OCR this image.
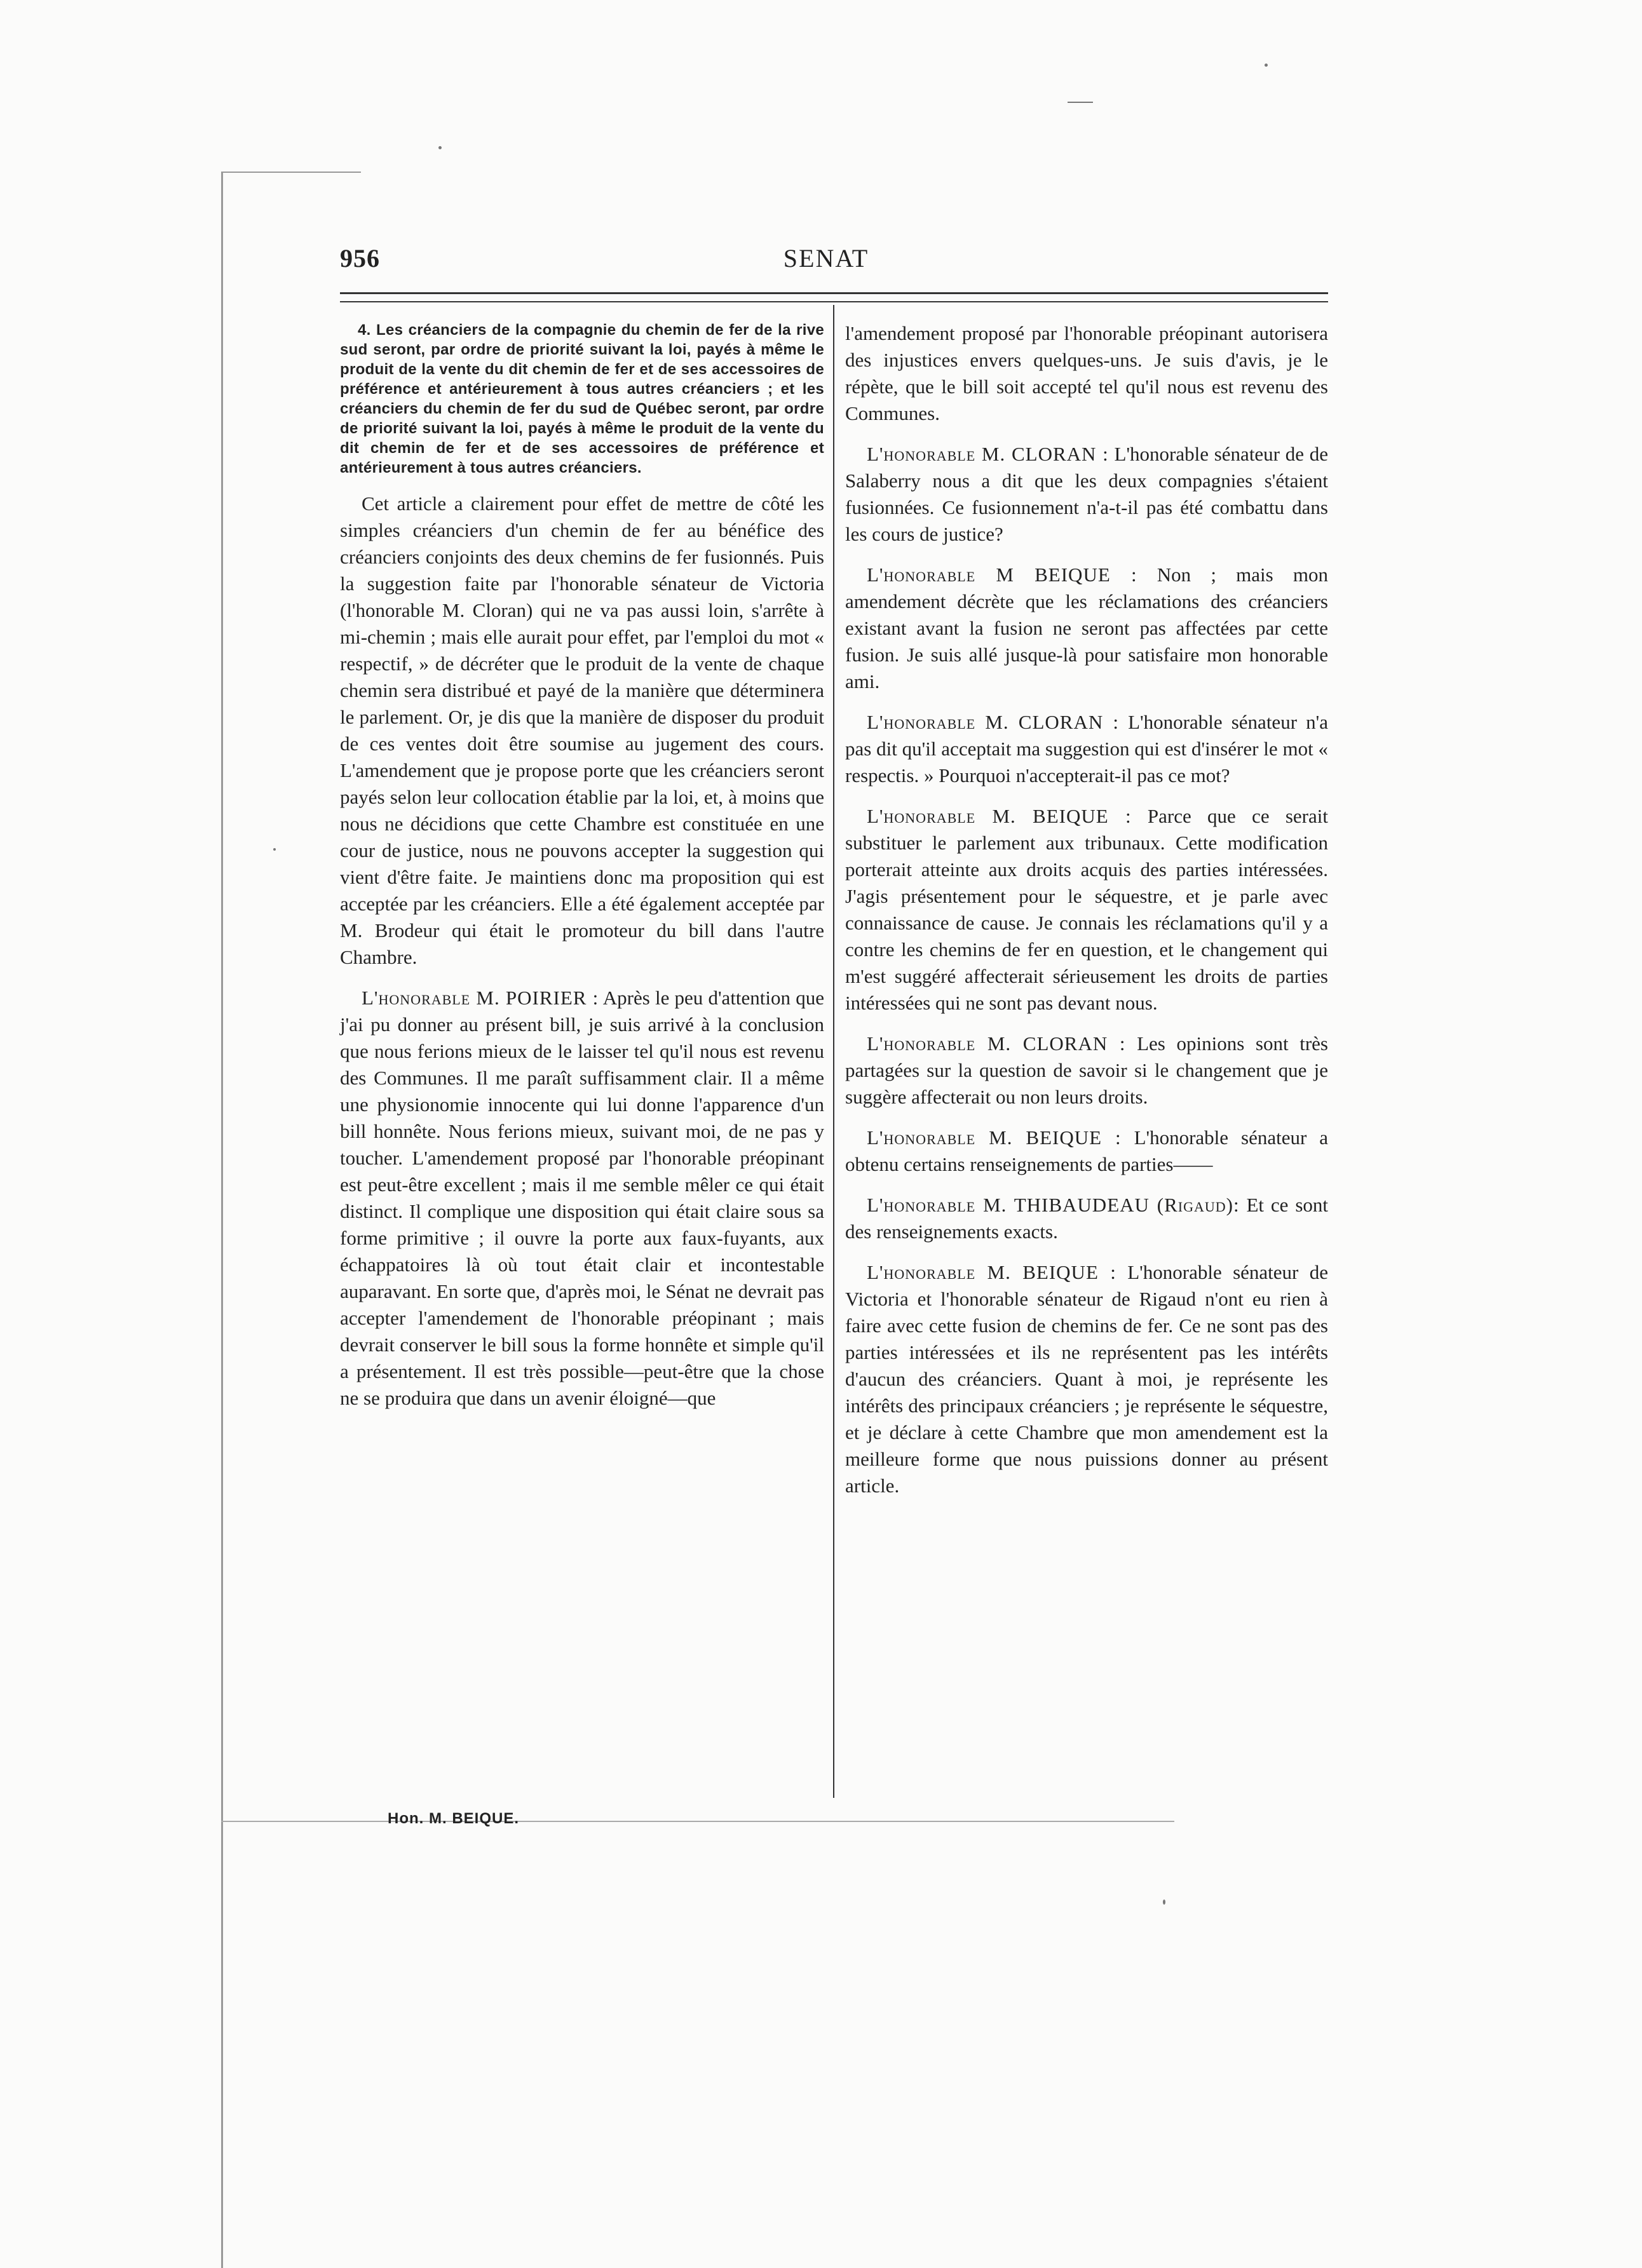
956	SENAT

4. Les créanciers de la compagnie du chemin de fer de la rive sud seront, par ordre de priorité suivant la loi, payés à même le produit de la vente du dit chemin de fer et de ses accessoires de préférence et antérieurement à tous autres créanciers ; et les créanciers du chemin de fer du sud de Québec seront, par ordre de priorité suivant la loi, payés à même le produit de la vente du dit chemin de fer et de ses accessoires de préférence et antérieurement à tous autres créanciers.

Cet article a clairement pour effet de mettre de côté les simples créanciers d'un chemin de fer au bénéfice des créanciers conjoints des deux chemins de fer fusionnés. Puis la suggestion faite par l'honorable sénateur de Victoria (l'honorable M. Cloran) qui ne va pas aussi loin, s'arrête à mi-chemin ; mais elle aurait pour effet, par l'emploi du mot « respectif, » de décréter que le produit de la vente de chaque chemin sera distribué et payé de la manière que déterminera le parlement. Or, je dis que la manière de disposer du produit de ces ventes doit être soumise au jugement des cours. L'amendement que je propose porte que les créanciers seront payés selon leur collocation établie par la loi, et, à moins que nous ne décidions que cette Chambre est constituée en une cour de justice, nous ne pouvons accepter la suggestion qui vient d'être faite. Je maintiens donc ma proposition qui est acceptée par les créanciers. Elle a été également acceptée par M. Brodeur qui était le promoteur du bill dans l'autre Chambre.

L'honorable M. POIRIER : Après le peu d'attention que j'ai pu donner au présent bill, je suis arrivé à la conclusion que nous ferions mieux de le laisser tel qu'il nous est revenu des Communes. Il me paraît suffisamment clair. Il a même une physionomie innocente qui lui donne l'apparence d'un bill honnête. Nous ferions mieux, suivant moi, de ne pas y toucher. L'amendement proposé par l'honorable préopinant est peut-être excellent ; mais il me semble mêler ce qui était distinct. Il complique une disposition qui était claire sous sa forme primitive ; il ouvre la porte aux faux-fuyants, aux échappatoires là où tout était clair et incontestable auparavant. En sorte que, d'après moi, le Sénat ne devrait pas accepter l'amendement de l'honorable préopinant ; mais devrait conserver le bill sous la forme honnête et simple qu'il a présentement. Il est très possible—peut-être que la chose ne se produira que dans un avenir éloigné—que

Hon. M. BEIQUE.

l'amendement proposé par l'honorable préopinant autorisera des injustices envers quelques-uns. Je suis d'avis, je le répète, que le bill soit accepté tel qu'il nous est revenu des Communes.

L'honorable M. CLORAN : L'honorable sénateur de de Salaberry nous a dit que les deux compagnies s'étaient fusionnées. Ce fusionnement n'a-t-il pas été combattu dans les cours de justice?

L'honorable M BEIQUE : Non ; mais mon amendement décrète que les réclamations des créanciers existant avant la fusion ne seront pas affectées par cette fusion. Je suis allé jusque-là pour satisfaire mon honorable ami.

L'honorable M. CLORAN : L'honorable sénateur n'a pas dit qu'il acceptait ma suggestion qui est d'insérer le mot « respectis. » Pourquoi n'accepterait-il pas ce mot?

L'honorable M. BEIQUE : Parce que ce serait substituer le parlement aux tribunaux. Cette modification porterait atteinte aux droits acquis des parties intéressées. J'agis présentement pour le séquestre, et je parle avec connaissance de cause. Je connais les réclamations qu'il y a contre les chemins de fer en question, et le changement qui m'est suggéré affecterait sérieusement les droits de parties intéressées qui ne sont pas devant nous.

L'honorable M. CLORAN : Les opinions sont très partagées sur la question de savoir si le changement que je suggère affecterait ou non leurs droits.

L'honorable M. BEIQUE : L'honorable sénateur a obtenu certains renseignements de parties——

L'honorable M. THIBAUDEAU (Rigaud): Et ce sont des renseignements exacts.

L'honorable M. BEIQUE : L'honorable sénateur de Victoria et l'honorable sénateur de Rigaud n'ont eu rien à faire avec cette fusion de chemins de fer. Ce ne sont pas des parties intéressées et ils ne représentent pas les intérêts d'aucun des créanciers. Quant à moi, je représente les intérêts des principaux créanciers ; je représente le séquestre, et je déclare à cette Chambre que mon amendement est la meilleure forme que nous puissions donner au présent article.
